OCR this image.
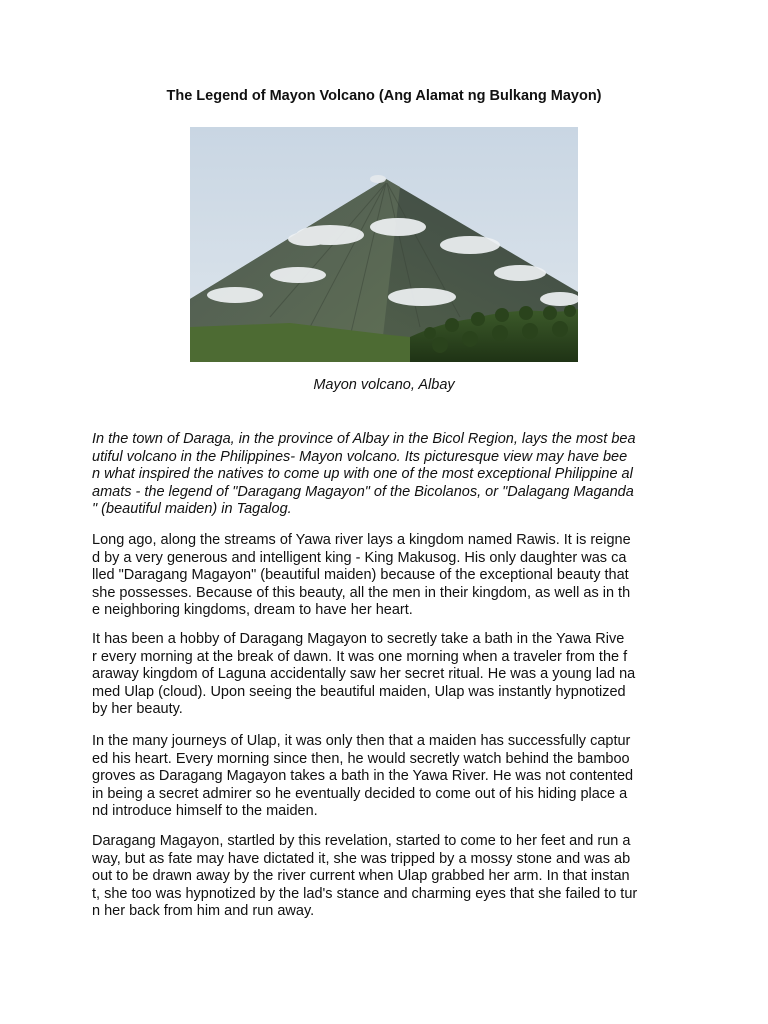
The Legend of Mayon Volcano (Ang Alamat ng Bulkang Mayon)
Mayon volcano, Albay
In the town of Daraga, in the province of Albay in the Bicol Region, lays the most bea
utiful volcano in the Philippines- Mayon volcano. Its picturesque view may have bee
n what inspired the natives to come up with one of the most exceptional Philippine al
amats - the legend of "Daragang Magayon" of the Bicolanos, or "Dalagang Maganda
" (beautiful maiden) in Tagalog.
Long ago, along the streams of Yawa river lays a kingdom named Rawis. It is reigne
d by a very generous and intelligent king - King Makusog. His only daughter was ca
lled "Daragang Magayon" (beautiful maiden) because of the exceptional beauty that
she possesses. Because of this beauty, all the men in their kingdom, as well as in th
e neighboring kingdoms, dream to have her heart.
It has been a hobby of Daragang Magayon to secretly take a bath in the Yawa Rive
r every morning at the break of dawn. It was one morning when a traveler from the f
araway kingdom of Laguna accidentally saw her secret ritual. He was a young lad na
med Ulap (cloud). Upon seeing the beautiful maiden, Ulap was instantly hypnotized
by her beauty.
In the many journeys of Ulap, it was only then that a maiden has successfully captur
ed his heart. Every morning since then, he would secretly watch behind the bamboo
groves as Daragang Magayon takes a bath in the Yawa River. He was not contented
in being a secret admirer so he eventually decided to come out of his hiding place a
nd introduce himself to the maiden.
Daragang Magayon, startled by this revelation, started to come to her feet and run a
way, but as fate may have dictated it, she was tripped by a mossy stone and was ab
out to be drawn away by the river current when Ulap grabbed her arm. In that instan
t, she too was hypnotized by the lad's stance and charming eyes that she failed to tur
n her back from him and run away.
